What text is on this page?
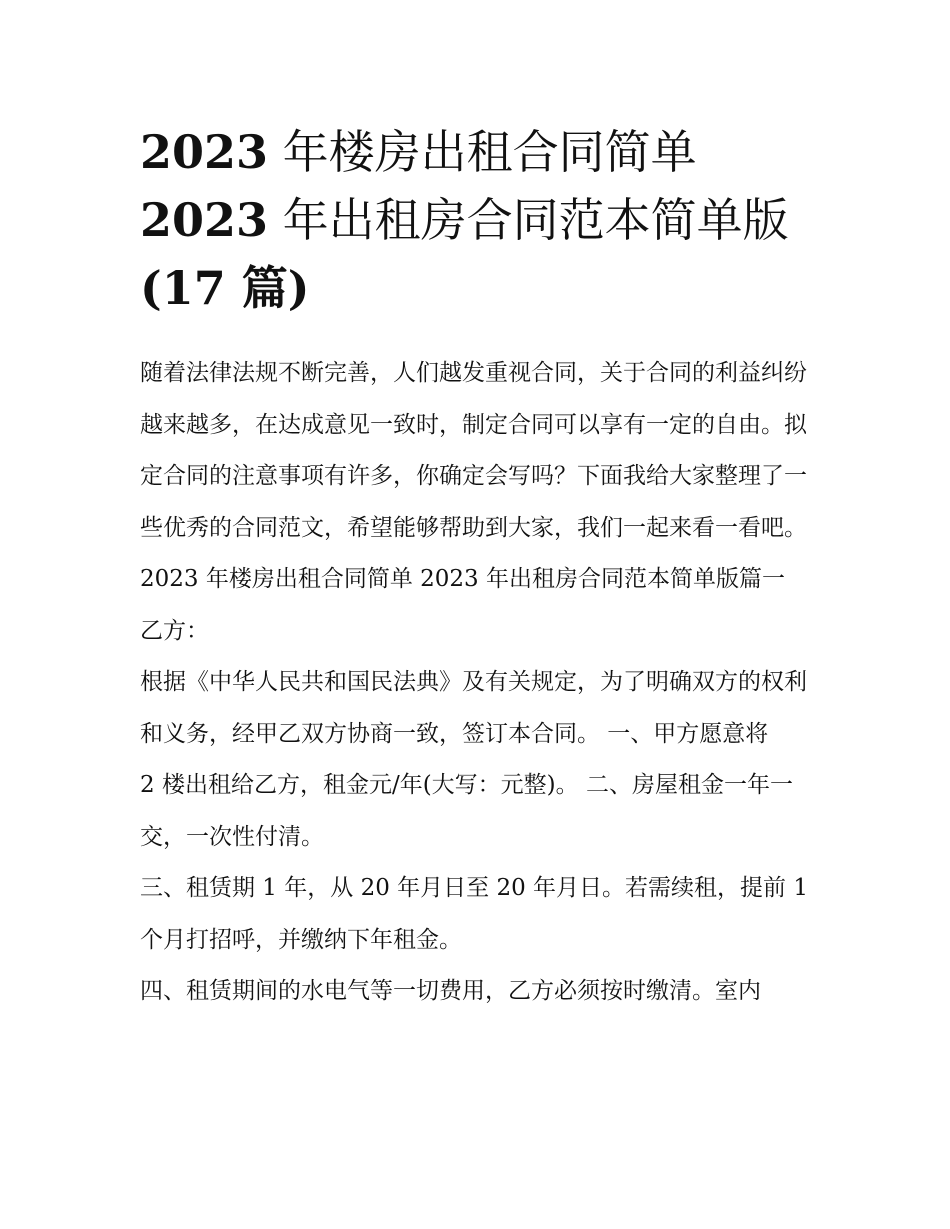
2023 年楼房出租合同简单
2023 年出租房合同范本简单版
(17 篇)

随着法律法规不断完善，人们越发重视合同，关于合同的利益纠纷越来越多，在达成意见一致时，制定合同可以享有一定的自由。拟定合同的注意事项有许多，你确定会写吗？下面我给大家整理了一些优秀的合同范文，希望能够帮助到大家，我们一起来看一看吧。

2023 年楼房出租合同简单 2023 年出租房合同范本简单版篇一

乙方：

根据《中华人民共和国民法典》及有关规定，为了明确双方的权利和义务，经甲乙双方协商一致，签订本合同。 一、甲方愿意将

2 楼出租给乙方，租金元/年(大写：元整)。 二、房屋租金一年一交，一次性付清。

三、租赁期 1 年，从 20 年月日至 20 年月日。若需续租，提前 1 个月打招呼，并缴纳下年租金。

四、租赁期间的水电气等一切费用，乙方必须按时缴清。室内
